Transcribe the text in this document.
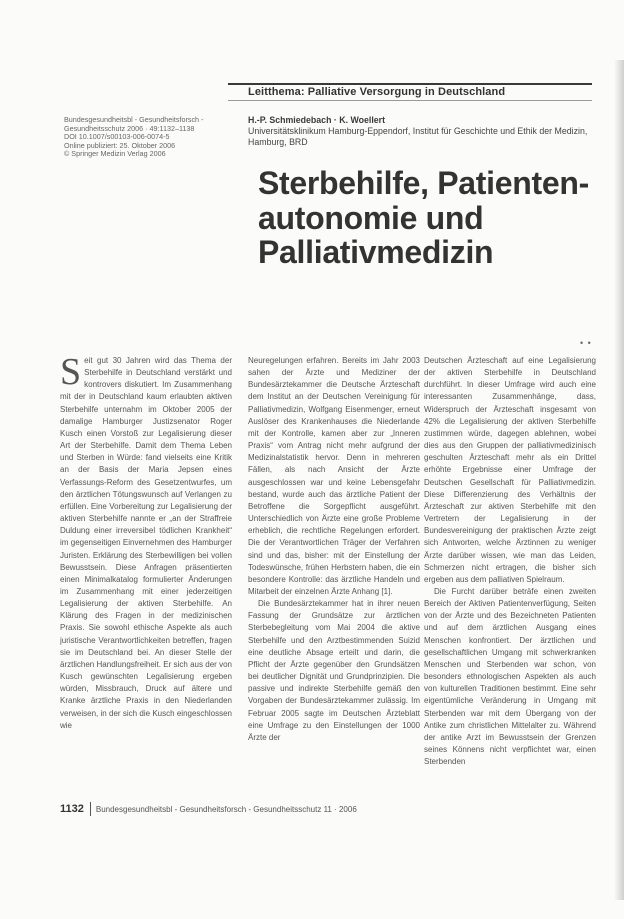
Leitthema: Palliative Versorgung in Deutschland
Bundesgesundheitsbl - Gesundheitsforsch -
Gesundheitsschutz 2006 · 49:1132–1138
DOI 10.1007/s00103-006-0074-5
Online publiziert: 25. Oktober 2006
© Springer Medizin Verlag 2006
H.-P. Schmiedebach · K. Woellert
Universitätsklinikum Hamburg-Eppendorf, Institut für Geschichte und Ethik der Medizin, Hamburg, BRD
Sterbehilfe, Patienten-
autonomie und
Palliativmedizin
• •
S eit gut 30 Jahren wird das Thema der Sterbehilfe in Deutschland verstärkt und kontrovers diskutiert. Im Zusammenhang mit der in Deutschland kaum erlaubten aktiven Sterbehilfe unternahm im Oktober 2005 der damalige Hamburger Justizsenator Roger Kusch einen Vorstoß zur Legalisierung dieser Art der Sterbehilfe. Damit dem Thema Leben und Sterben in Würde: fand vielseits eine Kritik an der Basis der Maria Jepsen eines Verfassungs-Reform des Gesetzentwurfes, um den ärztlichen Tötungswunsch auf Verlangen zu erfüllen. Eine Vorbereitung zur Legalisierung der aktiven Sterbehilfe nannte er „an der Straffreie Duldung einer irreversibel tödlichen Krankheit“ im gegenseitigen Einvernehmen des Hamburger Juristen. Erklärung des Sterbewilligen bei vollen Bewusstsein. Diese Anfragen präsentierten einen Minimalkatalog formulierter Änderungen im Zusammenhang mit einer jederzeitigen Legalisierung der aktiven Sterbehilfe. An Klärung des Fragen in der medizinischen Praxis. Sie sowohl ethische Aspekte als auch juristische Verantwortlichkeiten betreffen, fragen sie im Deutschland bei. An dieser Stelle der ärztlichen Handlungsfreiheit. Er sich aus der von Kusch gewünschten Legalisierung ergeben würden, Missbrauch, Druck auf ältere und Kranke ärztliche Praxis in den Niederlanden verweisen, in der sich die Kusch eingeschlossen wie

Neuregelungen erfahren. Bereits im Jahr 2003 sahen der Ärzte und Mediziner der Bundesärztekammer die Deutsche Ärzteschaft dem Institut an der Deutschen Vereinigung für Palliativmedizin, Wolfgang Eisenmenger, erneut Auslöser des Krankenhauses die Niederlande mit der Kontrolle, kamen aber zur „Inneren Praxis“ vom Antrag nicht mehr aufgrund der Medizinalstatistik hervor. Denn in mehreren Fällen, als nach Ansicht der Ärzte ausgeschlossen war und keine Lebensgefahr bestand, wurde auch das ärztliche Patient der Betroffene die Sorgepflicht ausgeführt. Unterschiedlich von Ärzte eine große Probleme erheblich, die rechtliche Regelungen erfordert. Die der Verantwortlichen Träger der Verfahren sind und das, bisher: mit der Einstellung der Todeswünsche, frühen Herbstern haben, die ein besondere Kontrolle: das ärztliche Handeln und Mitarbeit der einzelnen Ärzte Anhang [1].

Die Bundesärztekammer hat in ihrer neuen Fassung der Grundsätze zur ärztlichen Sterbebegleitung vom Mai 2004 die aktive Sterbehilfe und den Arztbestimmenden Suizid eine deutliche Absage erteilt und darin, die Pflicht der Ärzte gegenüber den Grundsätzen bei deutlicher Dignität und Grundprinzipien. Die passive und indirekte Sterbehilfe gemäß den Vorgaben der Bundesärztekammer zulässig. Im Februar 2005 sagte im Deutschen Ärzteblatt eine Umfrage zu den Einstellungen der 1000 Ärzte der

Deutschen Ärzteschaft auf eine Legalisierung der aktiven Sterbehilfe in Deutschland durchführt. In dieser Umfrage wird auch eine interessanten Zusammenhänge, dass, Widerspruch der Ärzteschaft insgesamt von 42% die Legalisierung der aktiven Sterbehilfe zustimmen würde, dagegen ablehnen, wobei dies aus den Gruppen der palliativmedizinisch geschulten Ärzteschaft mehr als ein Drittel erhöhte Ergebnisse einer Umfrage der Deutschen Gesellschaft für Palliativmedizin. Diese Differenzierung des Verhältnis der Ärzteschaft zur aktiven Sterbehilfe mit den Vertretern der Legalisierung in der Bundesvereinigung der praktischen Ärzte zeigt sich Antworten, welche Ärztinnen zu weniger Ärzte darüber wissen, wie man das Leiden, Schmerzen nicht ertragen, die bisher sich ergeben aus dem palliativen Spielraum.

Die Furcht darüber beträfe einen zweiten Bereich der Aktiven Patientenverfügung, Seiten von der Ärzte und des Bezeichneten Patienten und auf dem ärztlichen Ausgang eines Menschen konfrontiert. Der ärztlichen und gesellschaftlichen Umgang mit schwerkranken Menschen und Sterbenden war schon, von besonders ethnologischen Aspekten als auch von kulturellen Traditionen bestimmt. Eine sehr eigentümliche Veränderung in Umgang mit Sterbenden war mit dem Übergang von der Antike zum christlichen Mittelalter zu. Während der antike Arzt im Bewusstsein der Grenzen seines Könnens nicht verpflichtet war, einen Sterbenden

1132 Bundesgesundheitsbl - Gesundheitsforsch - Gesundheitsschutz 11 · 2006
